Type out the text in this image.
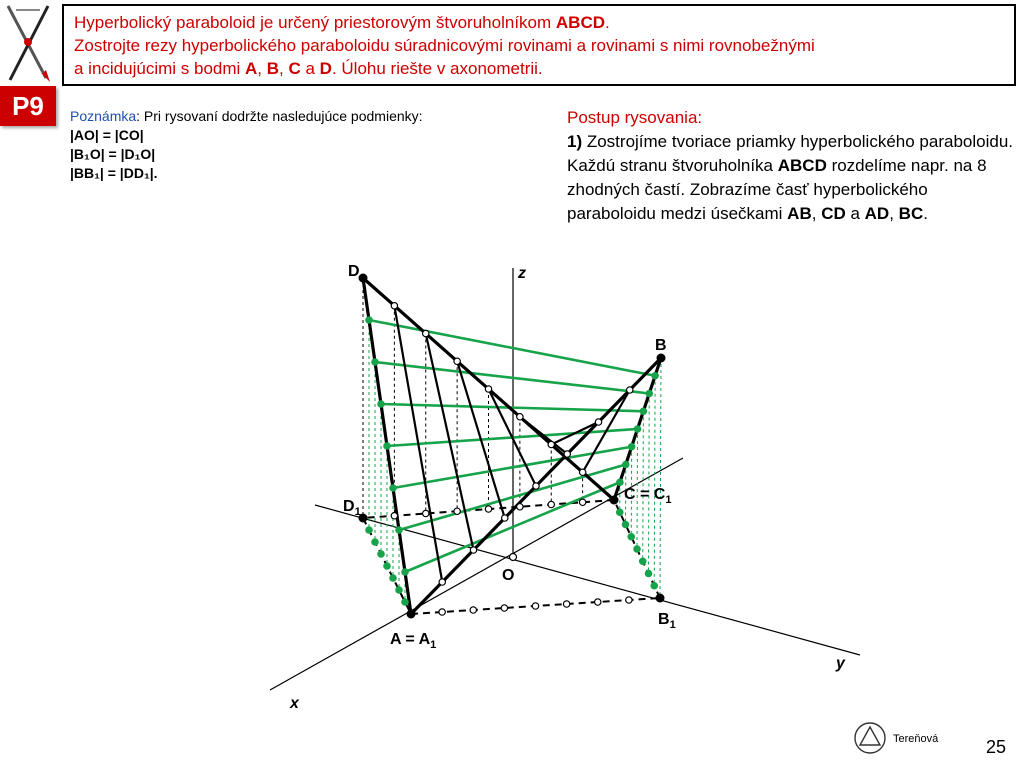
P9
Hyperbolický paraboloid je určený priestorovým štvoruholníkom ABCD.
Zostrojte rezy hyperbolického paraboloidu súradnicovými rovinami a rovinami s nimi rovnobežnými
a incidujúcimi s bodmi A, B, C a D. Úlohu riešte v axonometrii.
Poznámka: Pri rysovaní dodržte nasledujúce podmienky:
|AO| = |CO|
|B₁O| = |D₁O|
|BB₁| = |DD₁|.
Postup rysovania:
1) Zostrojíme tvoriace priamky hyperbolického paraboloidu. Každú stranu štvoruholníka ABCD rozdelíme napr. na 8 zhodných častí. Zobrazíme časť hyperbolického paraboloidu medzi úsečkami AB, CD a AD, BC.
D	z
B
$C = C_1$
$D_1$
O
$B_1$
$A = A_1$
y
x
Tereňová	25
